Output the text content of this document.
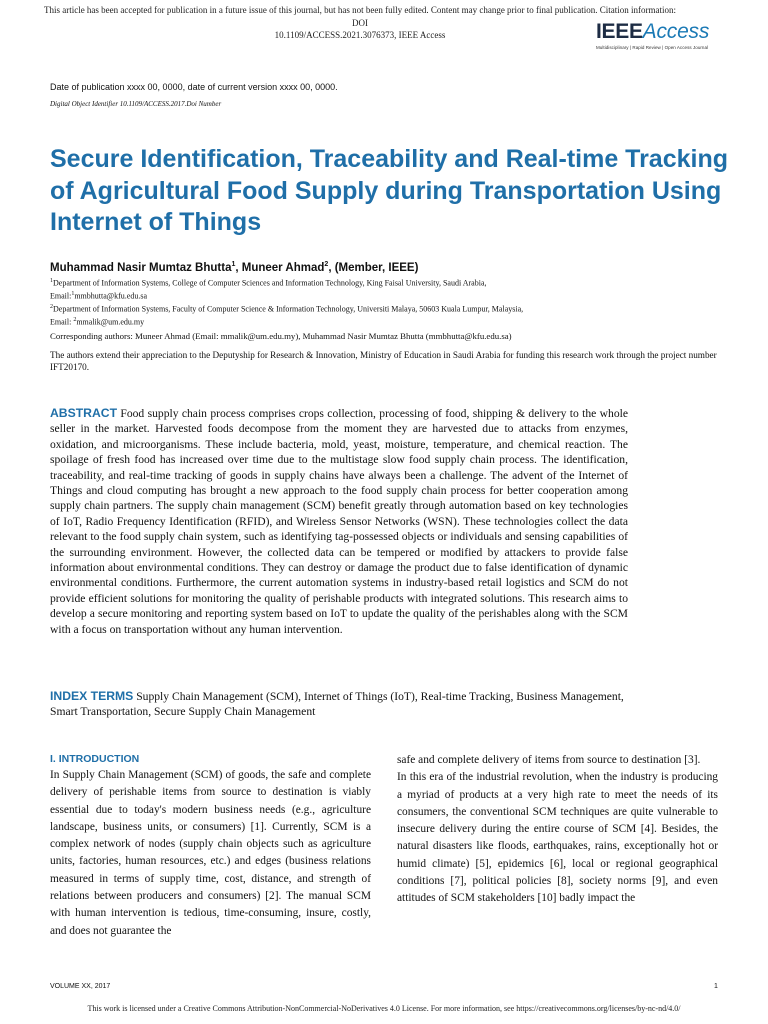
This article has been accepted for publication in a future issue of this journal, but has not been fully edited. Content may change prior to final publication. Citation information: DOI
10.1109/ACCESS.2021.3076373, IEEE Access	IEEEAccess
Multidisciplinary | Rapid Review | Open Access Journal
Date of publication xxxx 00, 0000, date of current version xxxx 00, 0000.
Digital Object Identifier 10.1109/ACCESS.2017.Doi Number
Secure Identification, Traceability and Real-time Tracking of Agricultural Food Supply during Transportation Using Internet of Things
Muhammad Nasir Mumtaz Bhutta$^1$, Muneer Ahmad$^2$, (Member, IEEE)
$^1$Department of Information Systems, College of Computer Sciences and Information Technology, King Faisal University, Saudi Arabia,
Email:$^1$mmbhutta@kfu.edu.sa
$^2$Department of Information Systems, Faculty of Computer Science & Information Technology, Universiti Malaya, 50603 Kuala Lumpur, Malaysia,
Email: $^2$mmalik@um.edu.my
Corresponding authors: Muneer Ahmad (Email: mmalik@um.edu.my), Muhammad Nasir Mumtaz Bhutta (mmbhutta@kfu.edu.sa)
The authors extend their appreciation to the Deputyship for Research & Innovation, Ministry of Education in Saudi Arabia for funding this research work through the project number IFT20170.

ABSTRACT Food supply chain process comprises crops collection, processing of food, shipping & delivery to the whole seller in the market. Harvested foods decompose from the moment they are harvested due to attacks from enzymes, oxidation, and microorganisms. These include bacteria, mold, yeast, moisture, temperature, and chemical reaction. The spoilage of fresh food has increased over time due to the multistage slow food supply chain process. The identification, traceability, and real-time tracking of goods in supply chains have always been a challenge. The advent of the Internet of Things and cloud computing has brought a new approach to the food supply chain process for better cooperation among supply chain partners. The supply chain management (SCM) benefit greatly through automation based on key technologies of IoT, Radio Frequency Identification (RFID), and Wireless Sensor Networks (WSN). These technologies collect the data relevant to the food supply chain system, such as identifying tag-possessed objects or individuals and sensing capabilities of the surrounding environment. However, the collected data can be tempered or modified by attackers to provide false information about environmental conditions. They can destroy or damage the product due to false identification of dynamic environmental conditions. Furthermore, the current automation systems in industry-based retail logistics and SCM do not provide efficient solutions for monitoring the quality of perishable products with integrated solutions. This research aims to develop a secure monitoring and reporting system based on IoT to update the quality of the perishables along with the SCM with a focus on transportation without any human intervention.

INDEX TERMS Supply Chain Management (SCM), Internet of Things (IoT), Real-time Tracking, Business Management, Smart Transportation, Secure Supply Chain Management

I. INTRODUCTION

In Supply Chain Management (SCM) of goods, the safe and complete delivery of perishable items from source to destination is viably essential due to today's modern business needs (e.g., agriculture landscape, business units, or consumers) [1]. Currently, SCM is a complex network of nodes (supply chain objects such as agriculture units, factories, human resources, etc.) and edges (business relations measured in terms of supply time, cost, distance, and strength of relations between producers and consumers) [2]. The manual SCM with human intervention is tedious, time-consuming, insure, costly, and does not guarantee the

safe and complete delivery of items from source to destination [3].

In this era of the industrial revolution, when the industry is producing a myriad of products at a very high rate to meet the needs of its consumers, the conventional SCM techniques are quite vulnerable to insecure delivery during the entire course of SCM [4]. Besides, the natural disasters like floods, earthquakes, rains, exceptionally hot or humid climate) [5], epidemics [6], local or regional geographical conditions [7], political policies [8], society norms [9], and even attitudes of SCM stakeholders [10] badly impact the

VOLUME XX, 2017	1
This work is licensed under a Creative Commons Attribution-NonCommercial-NoDerivatives 4.0 License. For more information, see https://creativecommons.org/licenses/by-nc-nd/4.0/
